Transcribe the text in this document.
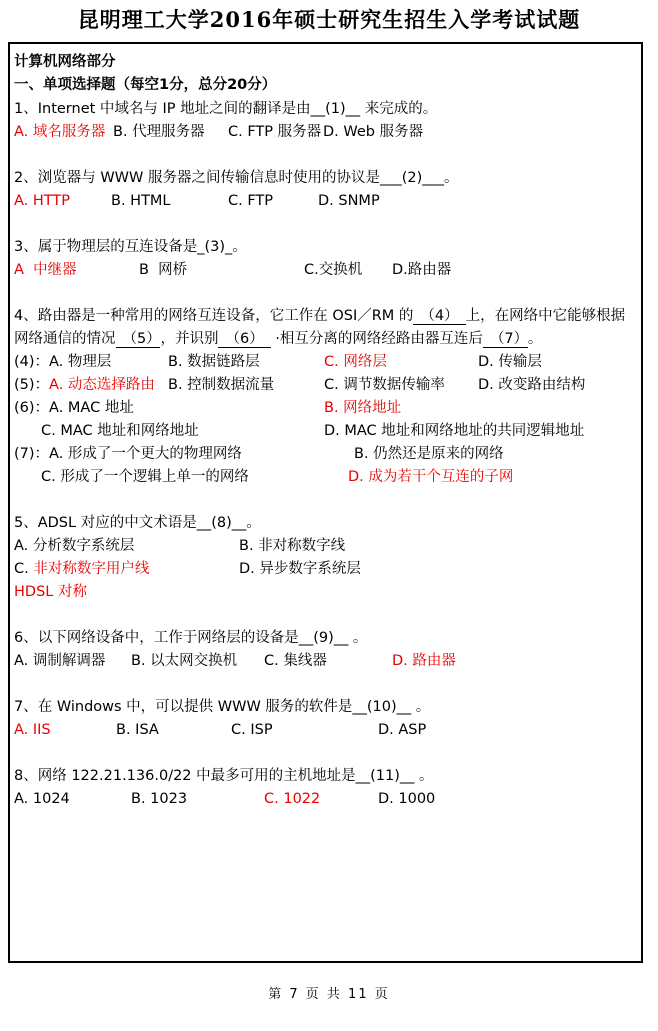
昆明理工大学2016年硕士研究生招生入学考试试题

计算机网络部分

一、单项选择题（每空1分，总分20分）

1、Internet 中域名与 IP 地址之间的翻译是由__(1)__ 来完成的。

A. 域名服务器 B. 代理服务器 C. FTP 服务器 D. Web 服务器

2、浏览器与 WWW 服务器之间传输信息时使用的协议是___(2)___。

A. HTTP	B. HTML	C. FTP	D. SNMP

3、属于物理层的互连设备是_(3)_。

A  中继器	B  网桥	C.交换机 D.路由器

4、路由器是一种常用的网络互连设备，它工作在 OSI／RM 的 （4） 上，在网络中它能够根据网络通信的情况 （5） ，并识别 （6） ·相互分离的网络经路由器互连后 （7） 。

(4)：A. 物理层	B. 数据链路层	C. 网络层	D. 传输层

(5)：A. 动态选择路由 B. 控制数据流量	C. 调节数据传输率 D. 改变路由结构

(6)：A. MAC 地址	B. 网络地址

C. MAC 地址和网络地址	D. MAC 地址和网络地址的共同逻辑地址

(7)：A. 形成了一个更大的物理网络	B. 仍然还是原来的网络

C. 形成了一个逻辑上单一的网络	D. 成为若干个互连的子网

5、ADSL 对应的中文术语是__(8)__。

A. 分析数字系统层	B. 非对称数字线

C. 非对称数字用户线	D. 异步数字系统层

HDSL 对称

6、以下网络设备中，工作于网络层的设备是__(9)__ 。

A. 调制解调器 B. 以太网交换机 C. 集线器	D. 路由器

7、在 Windows 中，可以提供 WWW 服务的软件是__(10)__ 。

A. IIS	B. ISA	C. ISP	D. ASP

8、网络 122.21.136.0/22 中最多可用的主机地址是__(11)__ 。

A. 1024	B. 1023	C. 1022	D. 1000

第 7 页 共 11 页
